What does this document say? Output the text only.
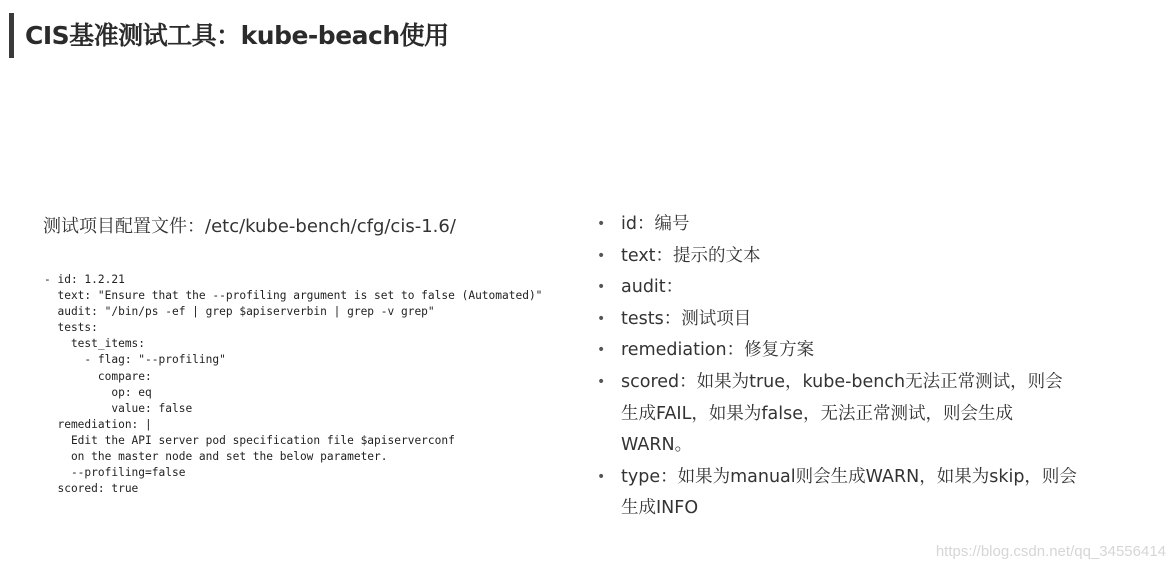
CIS基准测试工具：kube-beach使用
测试项目配置文件：/etc/kube-bench/cfg/cis-1.6/
- id: 1.2.21
text: "Ensure that the --profiling argument is set to false (Automated)"
audit: "/bin/ps -ef | grep $apiserverbin | grep -v grep"
tests:
test_items:
- flag: "--profiling"
compare:
op: eq
value: false
remediation: |
Edit the API server pod specification file $apiserverconf
on the master node and set the below parameter.
--profiling=false
scored: true
• id：编号
• text：提示的文本
• audit：
• tests：测试项目
• remediation：修复方案
• scored：如果为true，kube-bench无法正常测试，则会生成FAIL，如果为false，无法正常测试，则会生成WARN。
• type：如果为manual则会生成WARN，如果为skip，则会生成INFO
https://blog.csdn.net/qq_34556414
